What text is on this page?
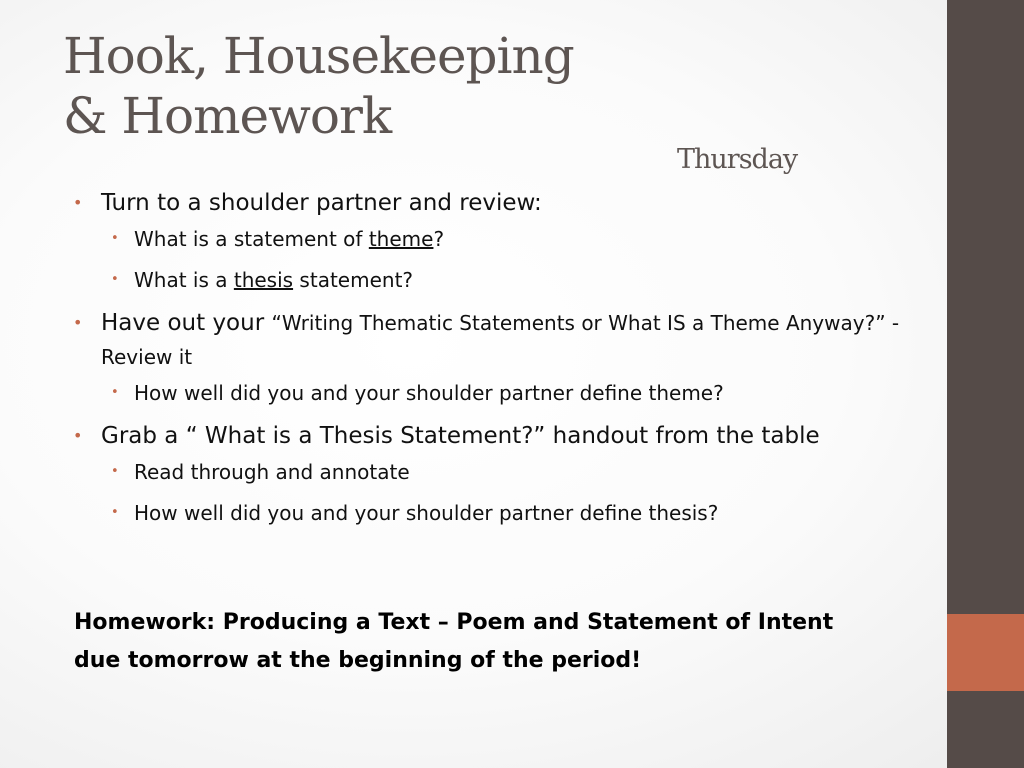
Hook, Housekeeping
& Homework
Thursday
• Turn to a shoulder partner and review:
• What is a statement of theme?
• What is a thesis statement?
• Have out your “Writing Thematic Statements or What IS a Theme Anyway?” - Review it
• How well did you and your shoulder partner define theme?
• Grab a “ What is a Thesis Statement?” handout from the table
• Read through and annotate
• How well did you and your shoulder partner define thesis?
Homework: Producing a Text – Poem and Statement of Intent
due tomorrow at the beginning of the period!
